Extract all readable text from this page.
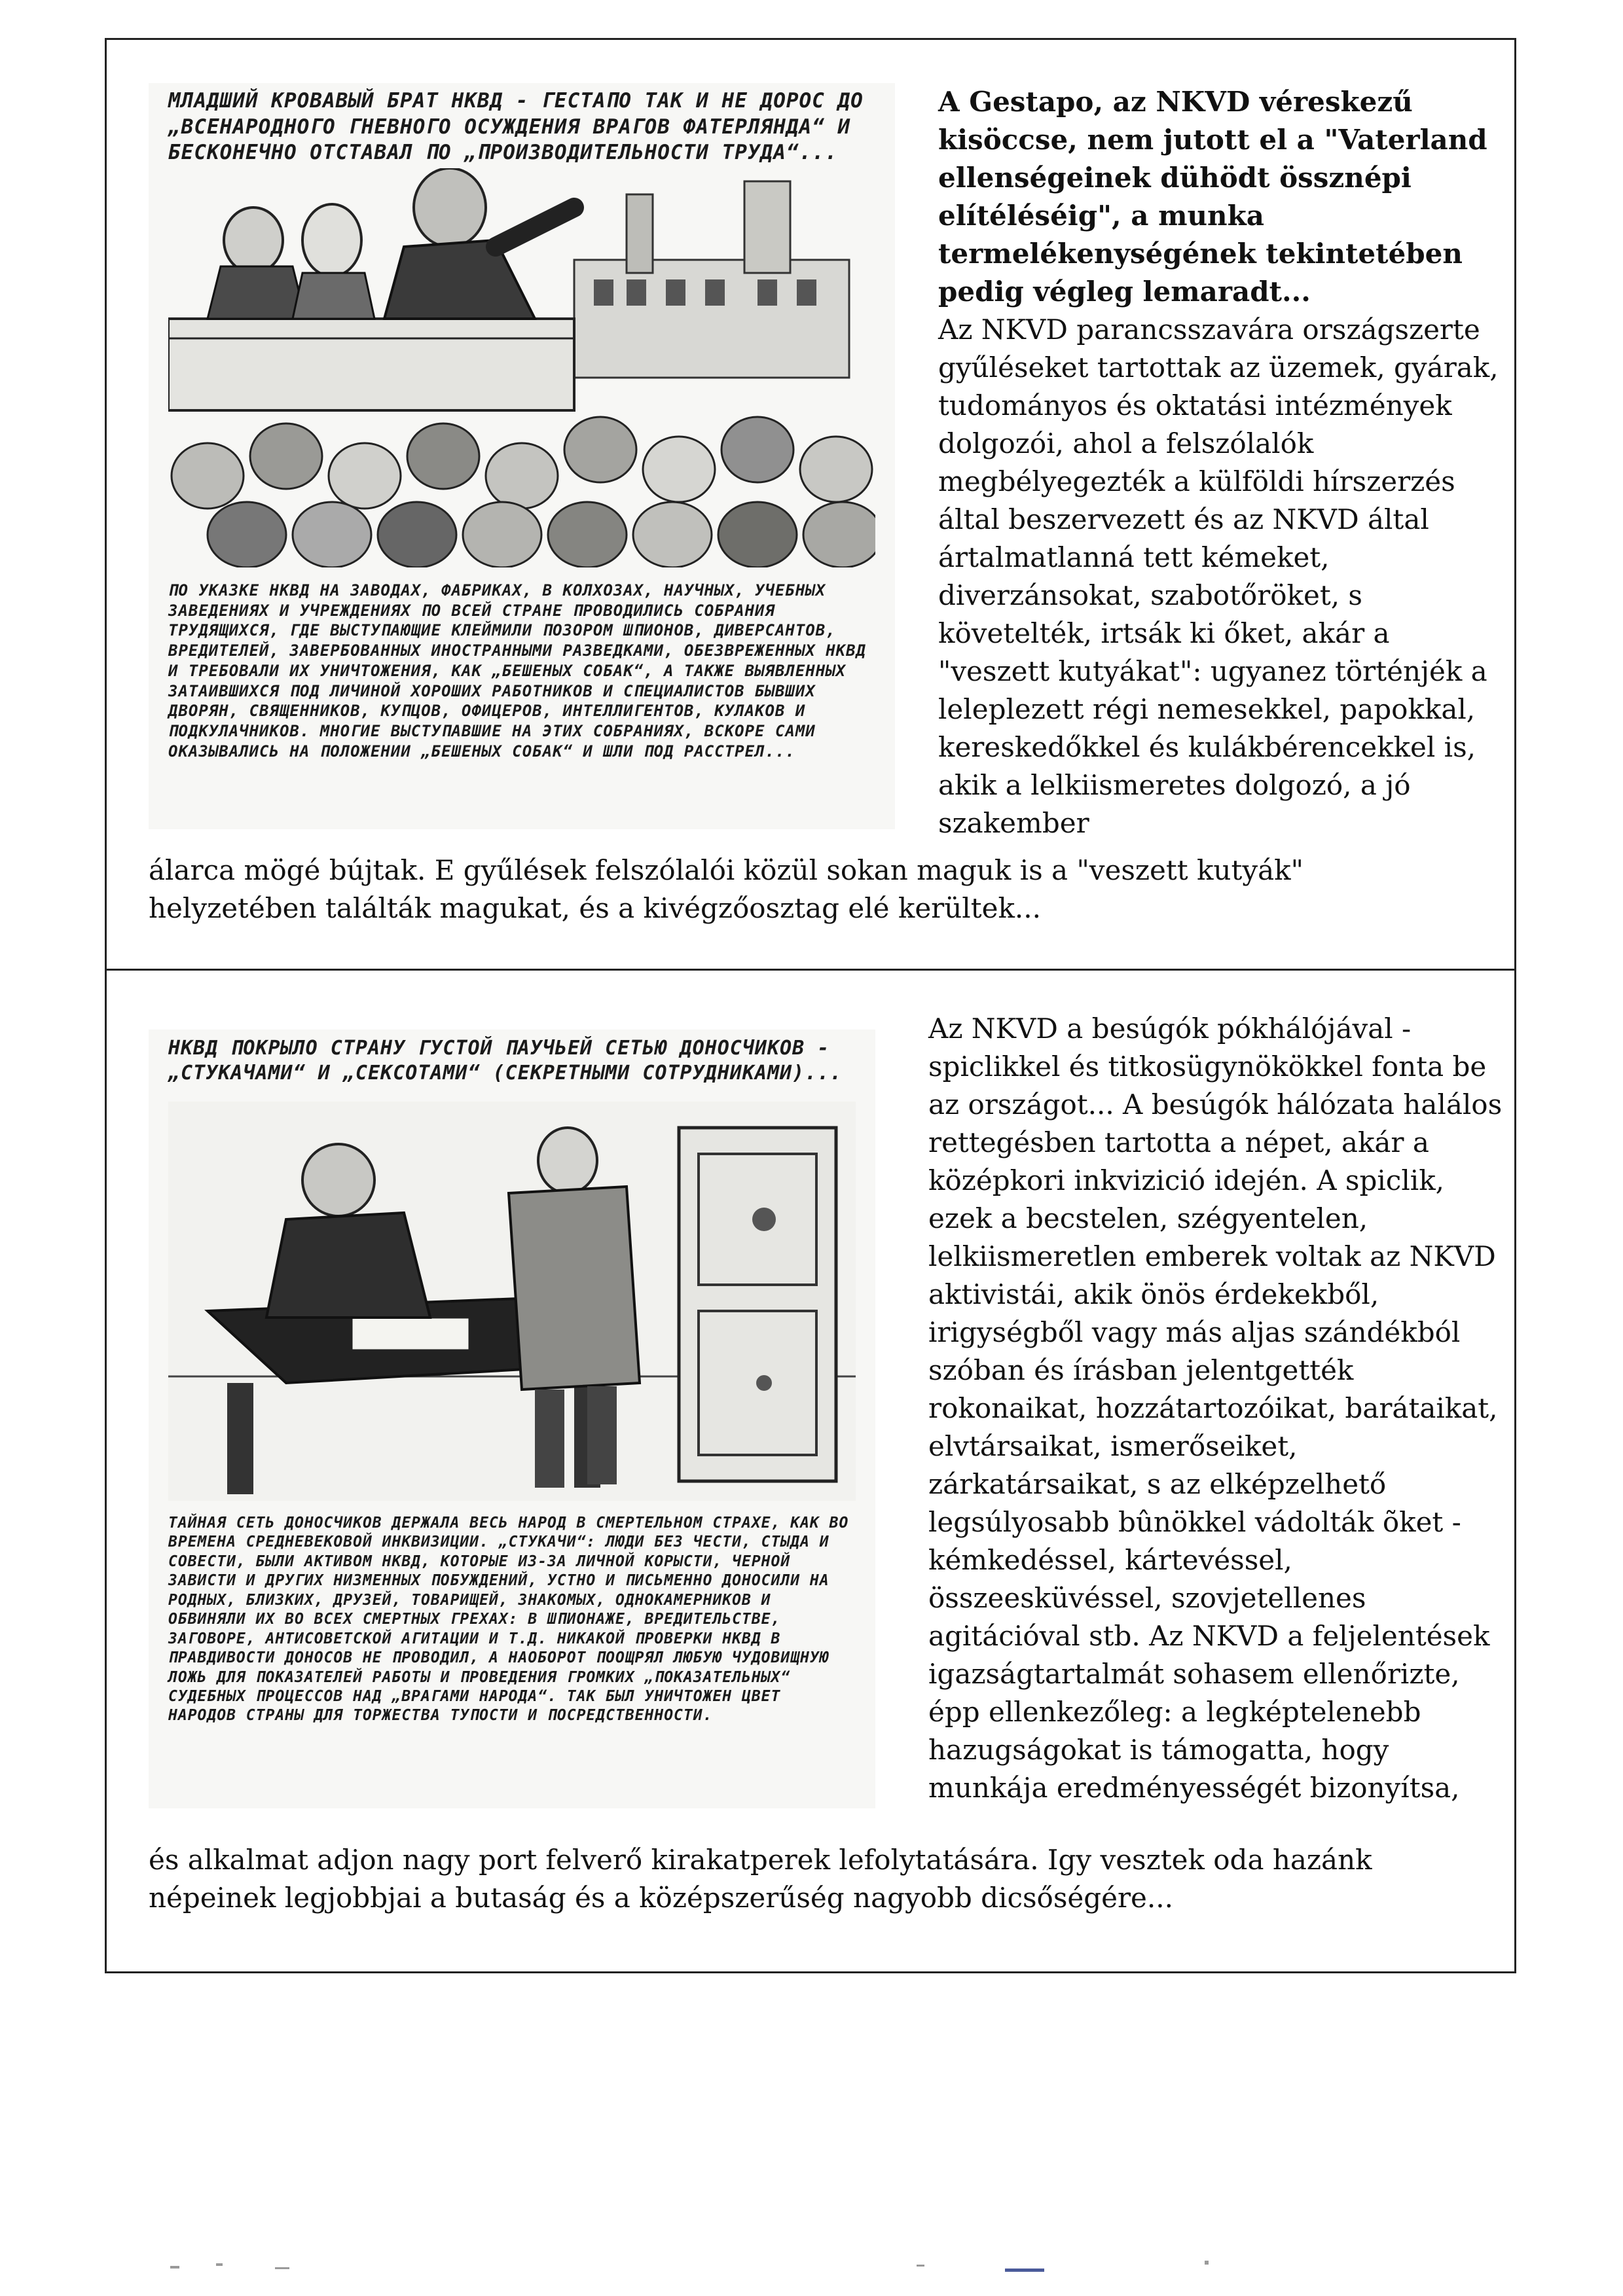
МЛАДШИЙ КРОВАВЫЙ БРАТ НКВД - ГЕСТАПО ТАК И НЕ ДОРОС ДО „ВСЕНАРОДНОГО ГНЕВНОГО ОСУЖДЕНИЯ ВРАГОВ ФАТЕРЛЯНДА“ И БЕСКОНЕЧНО ОТСТАВАЛ ПО „ПРОИЗВОДИТЕЛЬНОСТИ ТРУДА“...
ПО УКАЗКЕ НКВД НА ЗАВОДАХ, ФАБРИКАХ, В КОЛХОЗАХ, НАУЧНЫХ, УЧЕБНЫХ ЗАВЕДЕНИЯХ И УЧРЕЖДЕНИЯХ ПО ВСЕЙ СТРАНЕ ПРОВОДИЛИСЬ СОБРАНИЯ ТРУДЯЩИХСЯ, ГДЕ ВЫСТУПАЮЩИЕ КЛЕЙМИЛИ ПОЗОРОМ ШПИОНОВ, ДИВЕРСАНТОВ, ВРЕДИТЕЛЕЙ, ЗАВЕРБОВАННЫХ ИНОСТРАННЫМИ РАЗВЕДКАМИ, ОБЕЗВРЕЖЕННЫХ НКВД И ТРЕБОВАЛИ ИХ УНИЧТОЖЕНИЯ, КАК „БЕШЕНЫХ СОБАК“, А ТАКЖЕ ВЫЯВЛЕННЫХ ЗАТАИВШИХСЯ ПОД ЛИЧИНОЙ ХОРОШИХ РАБОТНИКОВ И СПЕЦИАЛИСТОВ БЫВШИХ ДВОРЯН, СВЯЩЕННИКОВ, КУПЦОВ, ОФИЦЕРОВ, ИНТЕЛЛИГЕНТОВ, КУЛАКОВ И ПОДКУЛАЧНИКОВ. МНОГИЕ ВЫСТУПАВШИЕ НА ЭТИХ СОБРАНИЯХ, ВСКОРЕ САМИ ОКАЗЫВАЛИСЬ НА ПОЛОЖЕНИИ „БЕШЕНЫХ СОБАК“ И ШЛИ ПОД РАССТРЕЛ...
A Gestapo, az NKVD véreskezű kisöccse, nem jutott el a "Vaterland ellenségeinek dühödt össznépi elítéléséig", a munka termelékenységének tekintetében pedig végleg lemaradt...
Az NKVD parancsszavára országszerte gyűléseket tartottak az üzemek, gyárak, tudományos és oktatási intézmények dolgozói, ahol a felszólalók megbélyegezték a külföldi hírszerzés által beszervezett és az NKVD által ártalmatlanná tett kémeket, diverzánsokat, szabotőröket, s követelték, irtsák ki őket, akár a "veszett kutyákat": ugyanez történjék a leleplezett régi nemesekkel, papokkal, kereskedőkkel és kulákbérencekkel is, akik a lelkiismeretes dolgozó, a jó szakember
álarca mögé bújtak. E gyűlések felszólalói közül sokan maguk is a "veszett kutyák" helyzetében találták magukat, és a kivégzőosztag elé kerültek...
НКВД ПОКРЫЛО СТРАНУ ГУСТОЙ ПАУЧЬЕЙ СЕТЬЮ ДОНОСЧИКОВ - „СТУКАЧАМИ“ И „СЕКСОТАМИ“ (СЕКРЕТНЫМИ СОТРУДНИКАМИ)...
ТАЙНАЯ СЕТЬ ДОНОСЧИКОВ ДЕРЖАЛА ВЕСЬ НАРОД В СМЕРТЕЛЬНОМ СТРАХЕ, КАК ВО ВРЕМЕНА СРЕДНЕВЕКОВОЙ ИНКВИЗИЦИИ. „СТУКАЧИ“: ЛЮДИ БЕЗ ЧЕСТИ, СТЫДА И СОВЕСТИ, БЫЛИ АКТИВОМ НКВД, КОТОРЫЕ ИЗ-ЗА ЛИЧНОЙ КОРЫСТИ, ЧЕРНОЙ ЗАВИСТИ И ДРУГИХ НИЗМЕННЫХ ПОБУЖДЕНИЙ, УСТНО И ПИСЬМЕННО ДОНОСИЛИ НА РОДНЫХ, БЛИЗКИХ, ДРУЗЕЙ, ТОВАРИЩЕЙ, ЗНАКОМЫХ, ОДНОКАМЕРНИКОВ И ОБВИНЯЛИ ИХ ВО ВСЕХ СМЕРТНЫХ ГРЕХАХ: В ШПИОНАЖЕ, ВРЕДИТЕЛЬСТВЕ, ЗАГОВОРЕ, АНТИСОВЕТСКОЙ АГИТАЦИИ И Т.Д. НИКАКОЙ ПРОВЕРКИ НКВД В ПРАВДИВОСТИ ДОНОСОВ НЕ ПРОВОДИЛ, А НАОБОРОТ ПООЩРЯЛ ЛЮБУЮ ЧУДОВИЩНУЮ ЛОЖЬ ДЛЯ ПОКАЗАТЕЛЕЙ РАБОТЫ И ПРОВЕДЕНИЯ ГРОМКИХ „ПОКАЗАТЕЛЬНЫХ“ СУДЕБНЫХ ПРОЦЕССОВ НАД „ВРАГАМИ НАРОДА“. ТАК БЫЛ УНИЧТОЖЕН ЦВЕТ НАРОДОВ СТРАНЫ ДЛЯ ТОРЖЕСТВА ТУПОСТИ И ПОСРЕДСТВЕННОСТИ.
Az NKVD a besúgók pókhálójával - spiclikkel és titkosügynökökkel fonta be az országot... A besúgók hálózata halálos rettegésben tartotta a népet, akár a középkori inkvizició idején. A spiclik, ezek a becstelen, szégyentelen, lelkiismeretlen emberek voltak az NKVD aktivistái, akik önös érdekekből, irigységből vagy más aljas szándékból szóban és írásban jelentgették rokonaikat, hozzátartozóikat, barátaikat, elvtársaikat, ismerőseiket, zárkatársaikat, s az elképzelhető legsúlyosabb bûnökkel vádolták õket - kémkedéssel, kártevéssel, összeesküvéssel, szovjetellenes agitációval stb. Az NKVD a feljelentések igazságtartalmát sohasem ellenőrizte, épp ellenkezőleg: a legképtelenebb hazugságokat is támogatta, hogy munkája eredményességét bizonyítsa,
és alkalmat adjon nagy port felverő kirakatperek lefolytatására. Igy vesztek oda hazánk népeinek legjobbjai a butaság és a középszerűség nagyobb dicsőségére...
